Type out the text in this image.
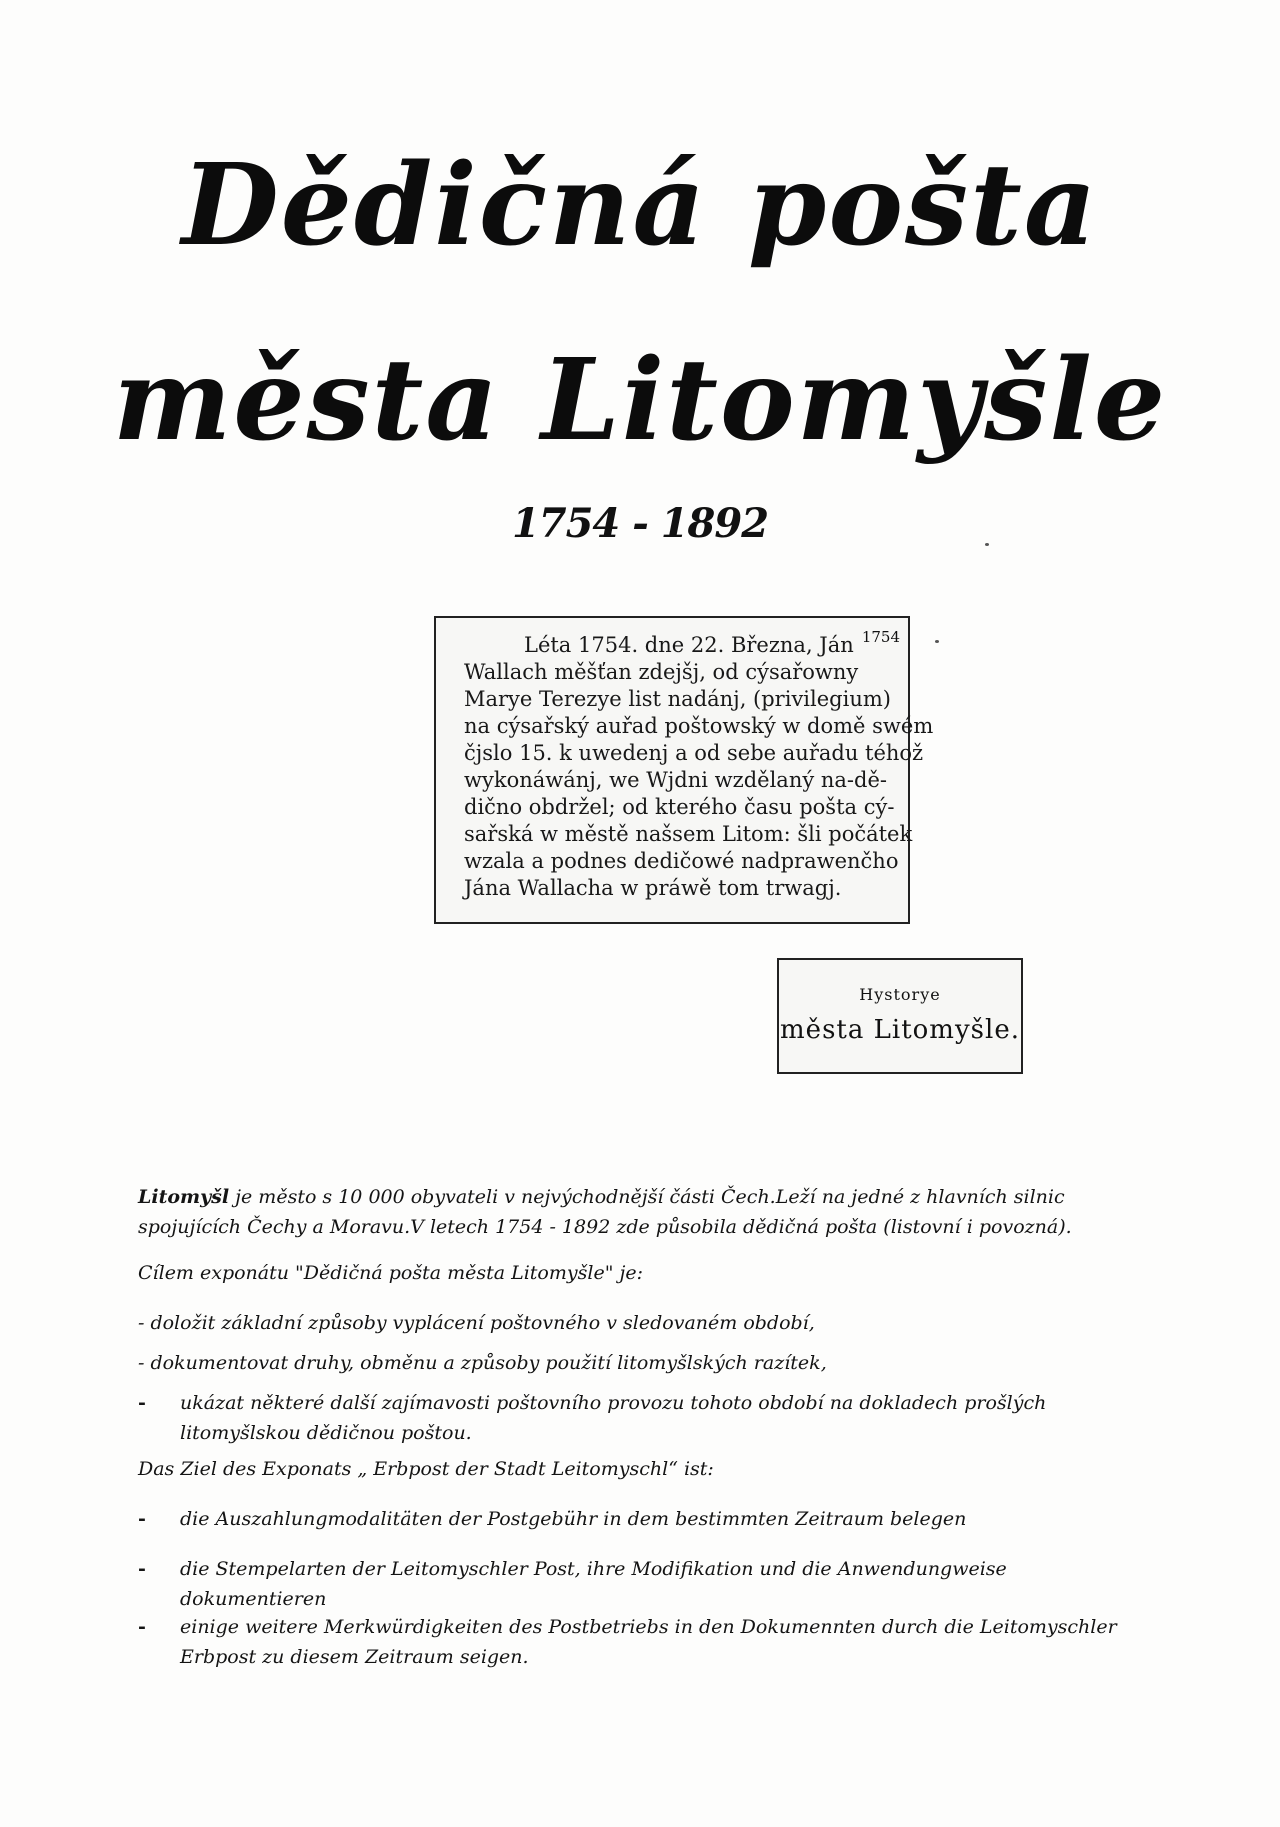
Dědičná pošta
města Litomyšle
1754 - 1892
1754
Léta 1754. dne 22. Března, Ján
Wallach měšťan zdejšj, od cýsařowny
Marye Terezye list nadánj, (privilegium)
na cýsařský auřad poštowský w domě swém
čjslo 15. k uwedenj a od sebe auřadu téhož
wykonáwánj, we Wjdni wzdělaný na-dě-
dično obdržel; od kterého času pošta cý-
sařská w městě našsem Litom: šli počátek
wzala a podnes dedičowé nadprawenčho
Jána Wallacha w práwě tom trwagj.
Hystorye
města Litomyšle.
Litomyšl je město s 10 000 obyvateli v nejvýchodnější části Čech.Leží na jedné z hlavních silnic spojujících Čechy a Moravu.V letech 1754 - 1892 zde působila dědičná pošta (listovní i povozná).
Cílem exponátu "Dědičná pošta města Litomyšle" je:
- doložit základní způsoby vyplácení poštovného v sledovaném období,
- dokumentovat druhy, obměnu a způsoby použití litomyšlských razítek,
- ukázat některé další zajímavosti poštovního provozu tohoto období na dokladech prošlých litomyšlskou dědičnou poštou.
Das Ziel des Exponats „ Erbpost der Stadt Leitomyschl“ ist:
- die Auszahlungmodalitäten der Postgebühr in dem bestimmten Zeitraum belegen
- die Stempelarten der Leitomyschler Post, ihre Modifikation und die Anwendungweise dokumentieren
- einige weitere Merkwürdigkeiten des Postbetriebs in den Dokumennten durch die Leitomyschler Erbpost zu diesem Zeitraum seigen.
